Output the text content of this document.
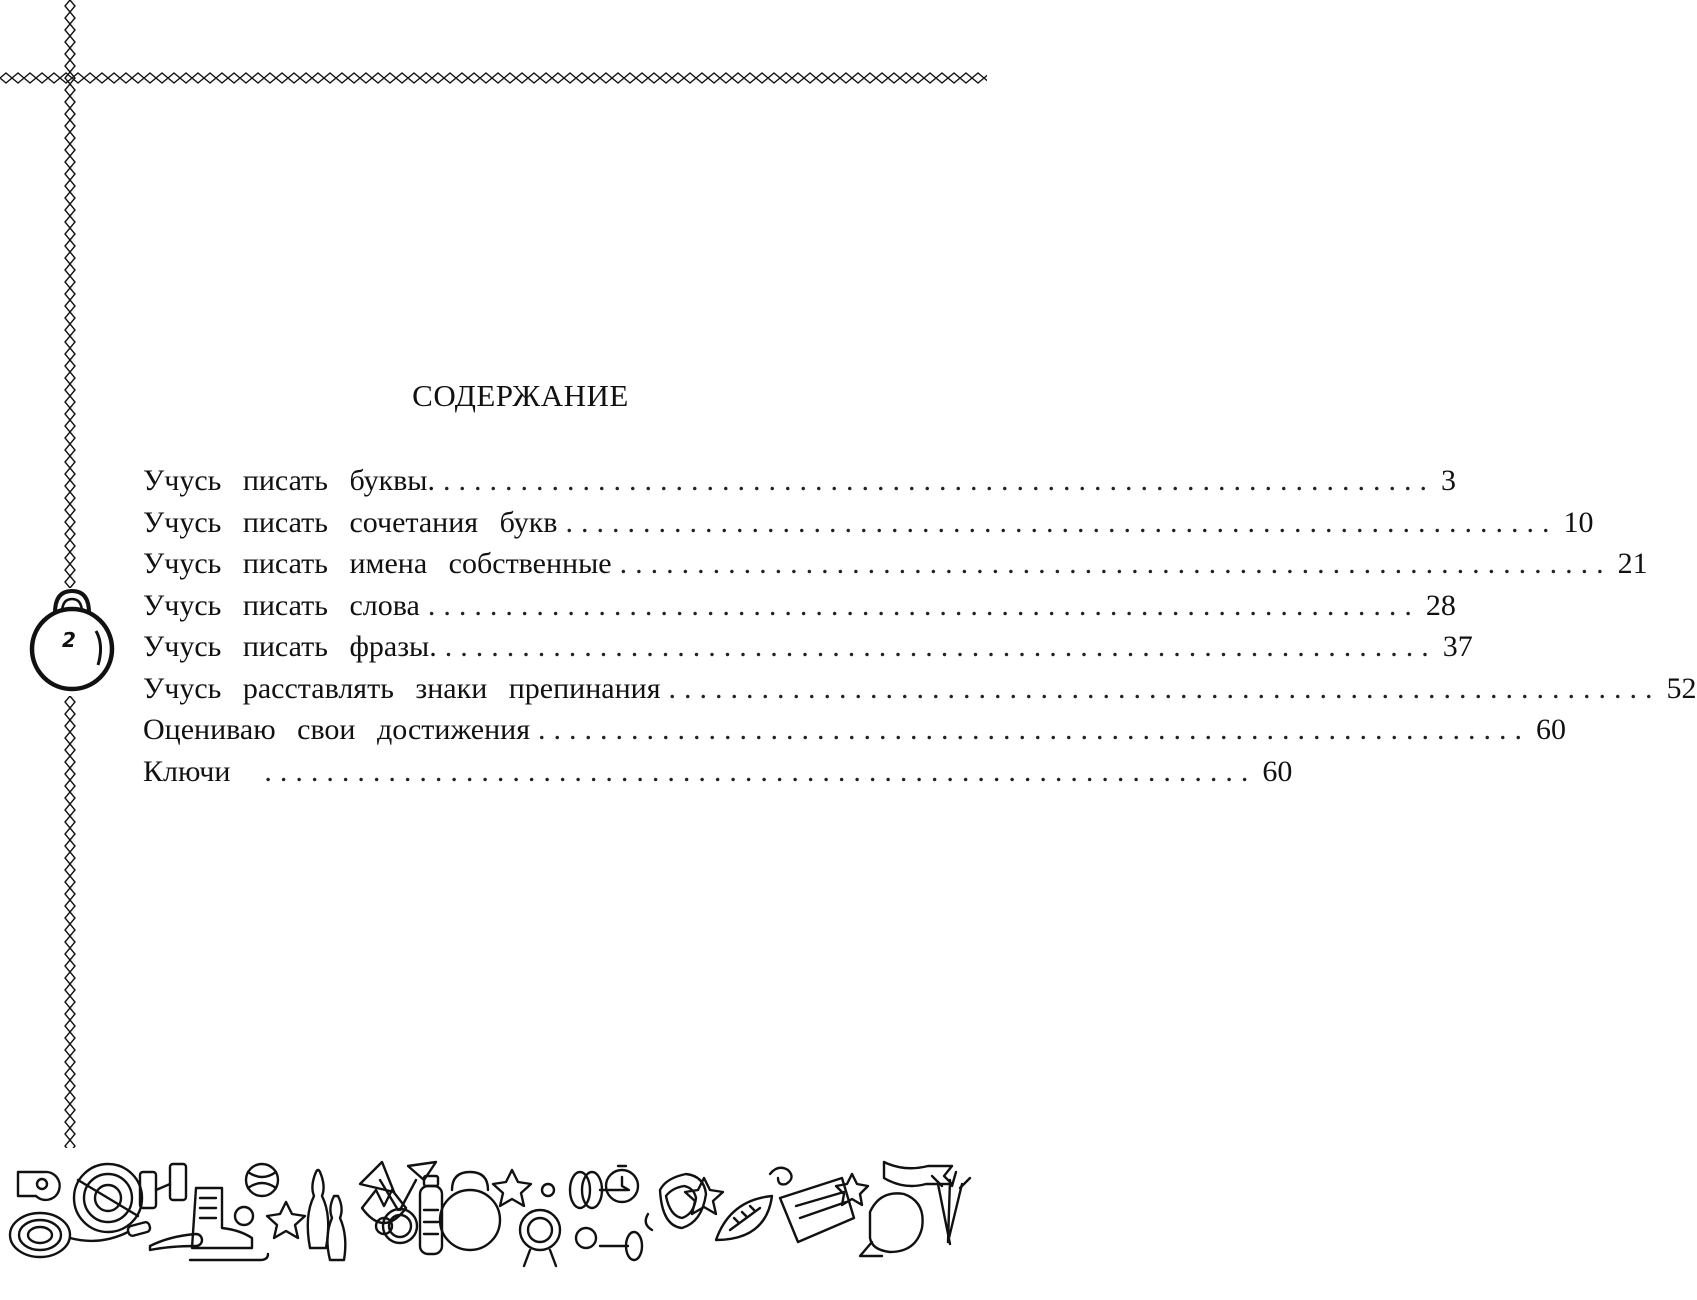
2
СОДЕРЖАНИЕ
Учусь писать буквы. ................................................................ 3
Учусь писать сочетания букв ................................................................ 10
Учусь писать имена собственные ................................................................ 21
Учусь писать слова ................................................................ 28
Учусь писать фразы. ................................................................ 37
Учусь расставлять знаки препинания ................................................................ 52
Оцениваю свои достижения ................................................................ 60
Ключи ................................................................ 60
